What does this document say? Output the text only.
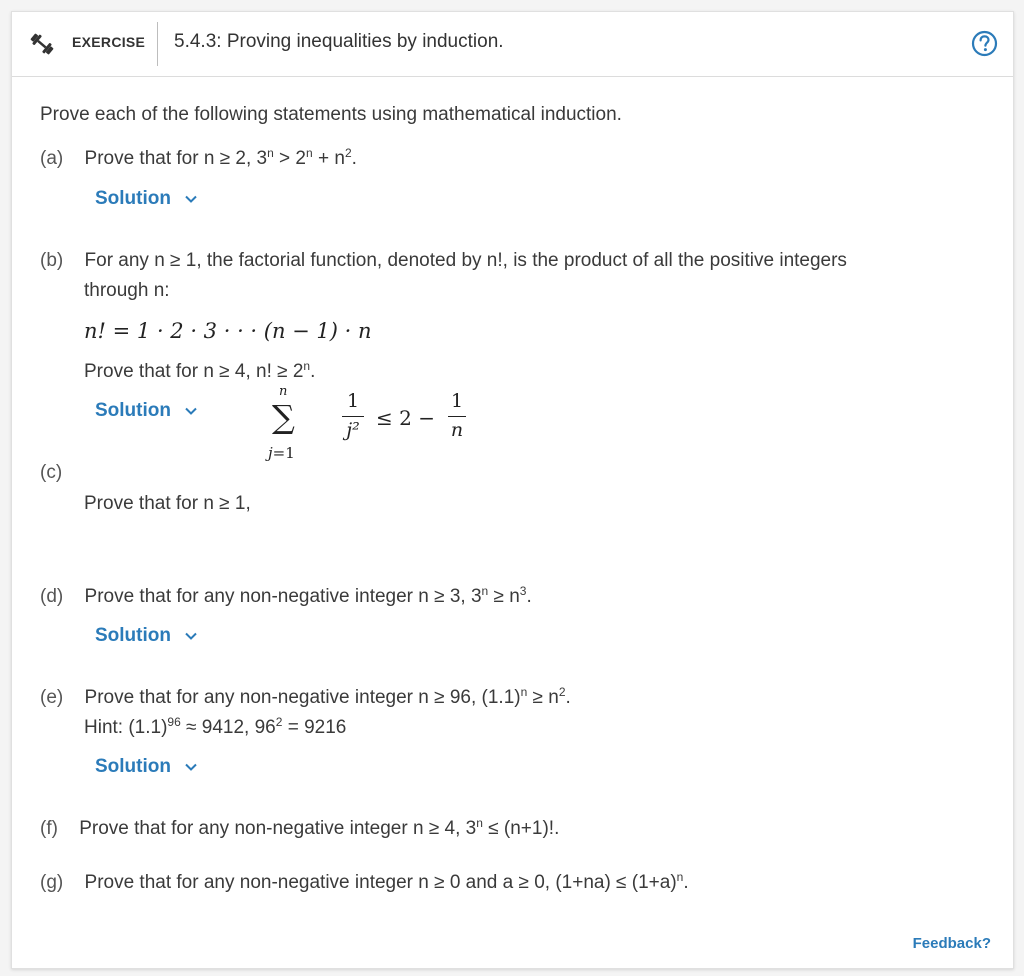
EXERCISE 5.4.3: Proving inequalities by induction.
Prove each of the following statements using mathematical induction.
(a) Prove that for n ≥ 2, $3^n > 2^n + n^2$.
Solution
(b) For any n ≥ 1, the factorial function, denoted by n!, is the product of all the positive integers
through n:
n! = 1 · 2 · 3 · · · (n − 1) · n
Prove that for n ≥ 4, n! ≥ $2^n$.
Solution
(c)
Prove that for n ≥ 1,
n
∑
j=1
1
j² ≤ 2 −
1
n
(d) Prove that for any non-negative integer n ≥ 3, $3^n \ge n^3$.
Solution
(e) Prove that for any non-negative integer n ≥ 96, $(1.1)^n \ge n^2$.
Hint: $(1.1)^{96} \approx 9412$, $96^2 = 9216$
Solution
(f) Prove that for any non-negative integer n ≥ 4, $3^n \le (n+1)$!.
(g) Prove that for any non-negative integer n ≥ 0 and a ≥ 0, $(1+na) \le (1+a)^n$.
Feedback?
